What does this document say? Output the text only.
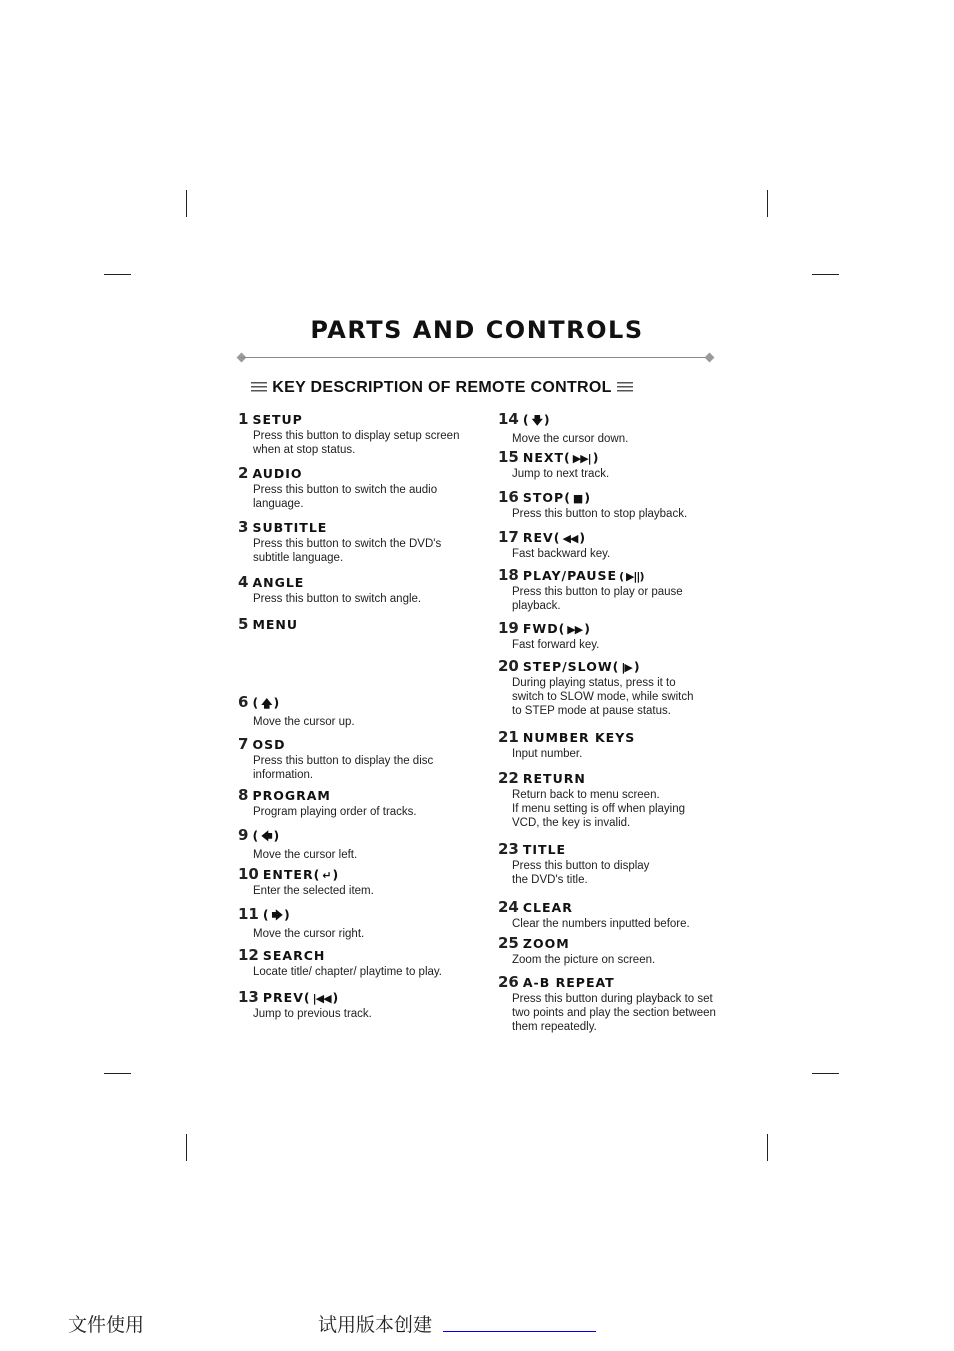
PARTS AND CONTROLS
KEY DESCRIPTION OF REMOTE CONTROL
1 SETUP
Press this button to display setup screen
when at stop status.
2 AUDIO
Press this button to switch the audio
language.
3 SUBTITLE
Press this button to switch the DVD's
subtitle language.
4 ANGLE
Press this button to switch angle.
5 MENU
6 ( 🡅 )
Move the cursor up.
7 OSD
Press this button to display the disc
information.
8 PROGRAM
Program playing order of tracks.
9 ( 🡄 )
Move the cursor left.
10 ENTER( ↵ )
Enter the selected item.
11 ( 🡆 )
Move the cursor right.
12 SEARCH
Locate title/ chapter/ playtime to play.
13 PREV( |◀◀ )
Jump to previous track.
14 ( 🡇 )
Move the cursor down.
15 NEXT( ▶▶| )
Jump to next track.
16 STOP( ■ )
Press this button to stop playback.
17 REV( ◀◀ )
Fast backward key.
18 PLAY/PAUSE ( ▶||)
Press this button to play or pause
playback.
19 FWD( ▶▶ )
Fast forward key.
20 STEP/SLOW( |▶ )
During playing status, press it to
switch to SLOW mode, while switch
to STEP mode at pause status.
21 NUMBER KEYS
Input number.
22 RETURN
Return back to menu screen.
If menu setting is off when playing
VCD, the key is invalid.
23 TITLE
Press this button to display
the DVD's title.
24 CLEAR
Clear the numbers inputted before.
25 ZOOM
Zoom the picture on screen.
26 A-B REPEAT
Press this button during playback to set
two points and play the section between
them repeatedly.
文件使用	试用版本创建
